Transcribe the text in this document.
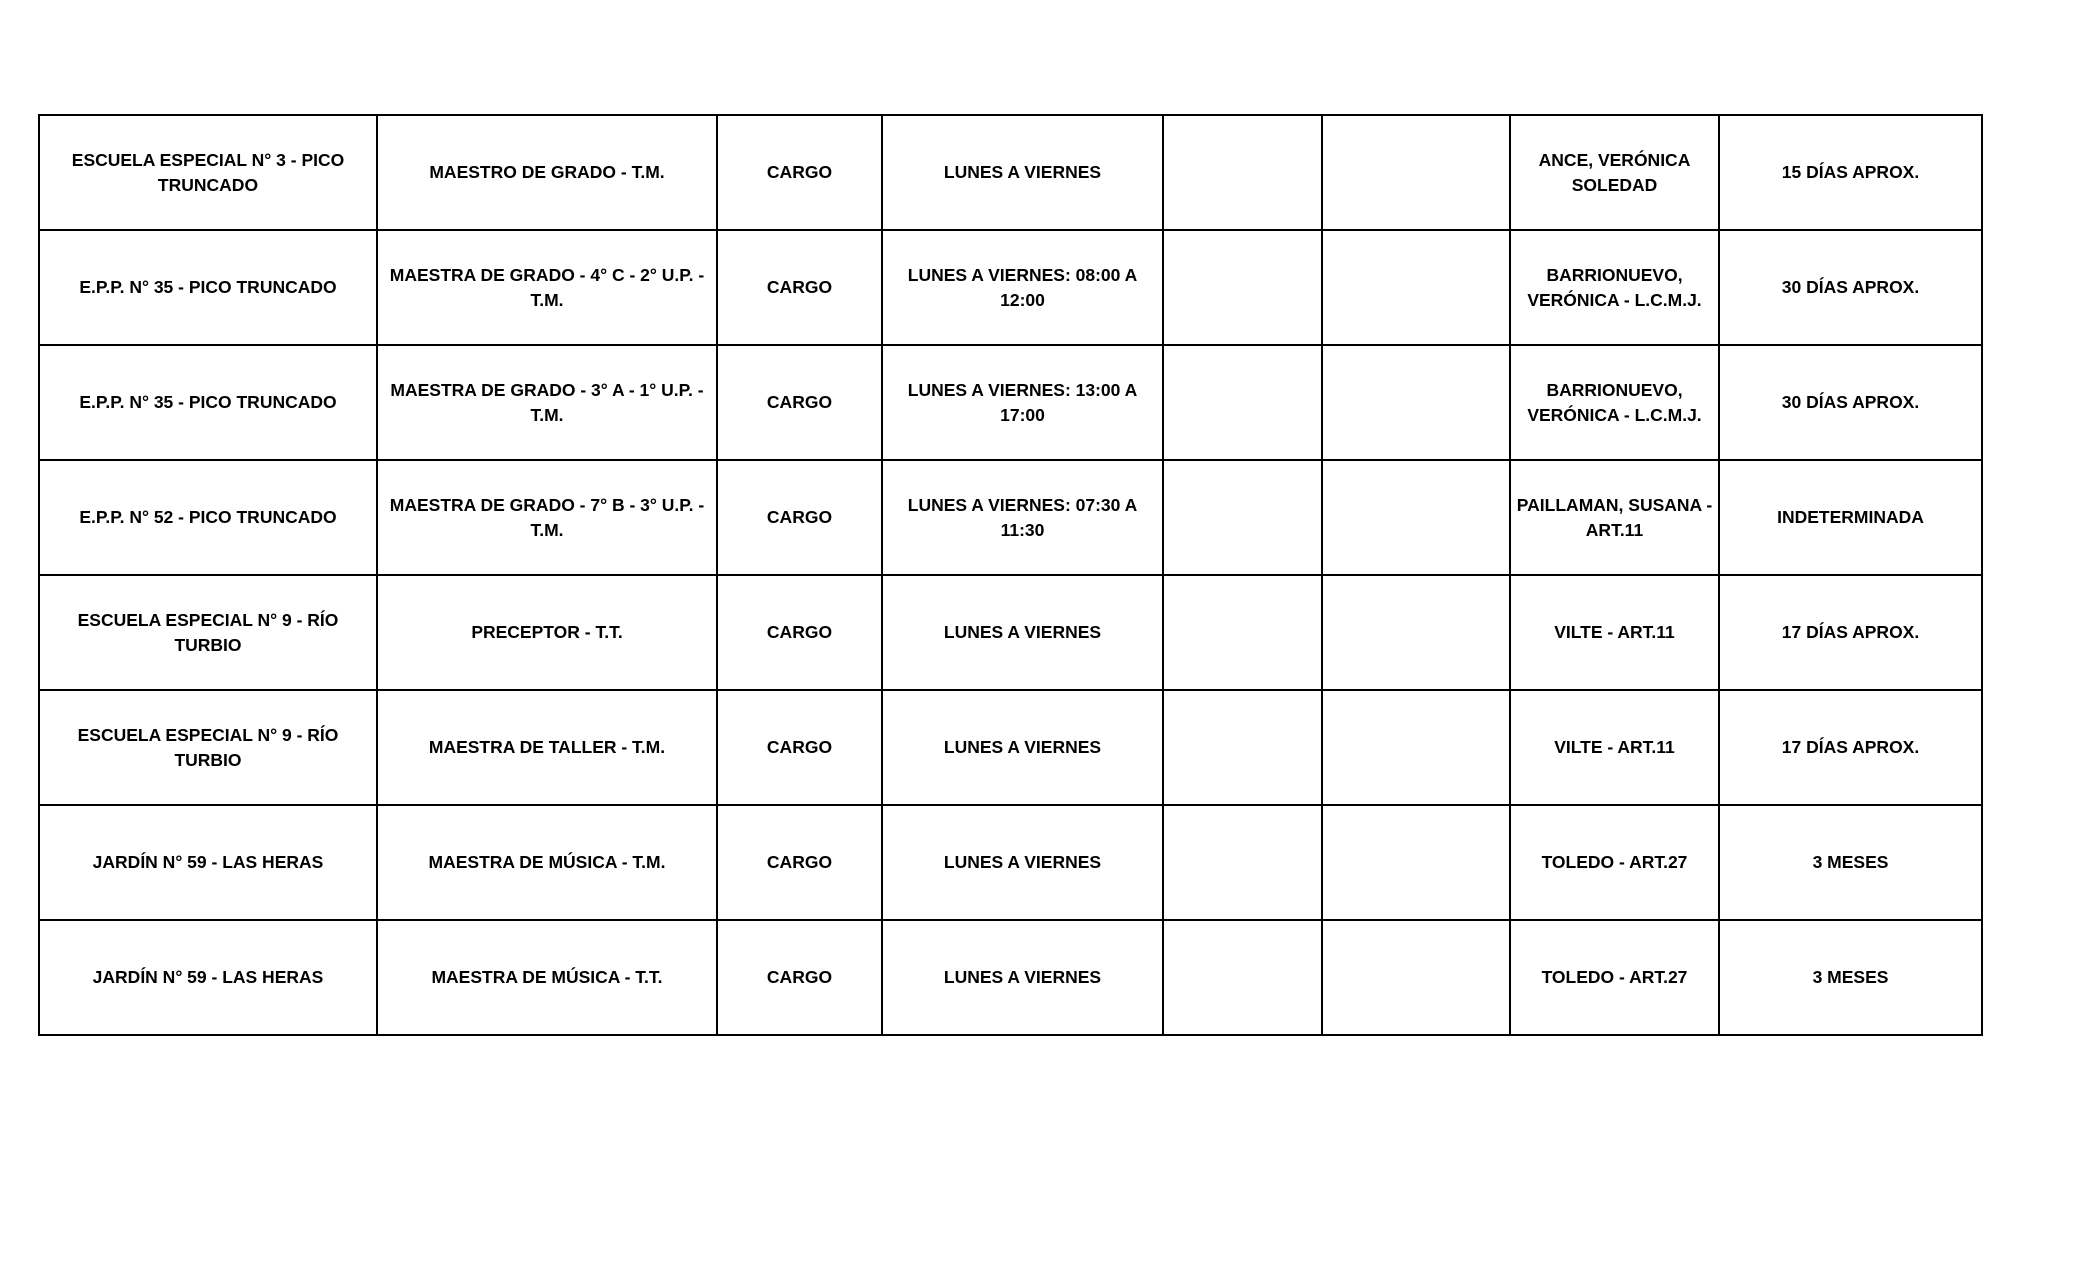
ESCUELA ESPECIAL N° 3 - PICO TRUNCADO	MAESTRO DE GRADO - T.M.	CARGO	LUNES A VIERNES			ANCE, VERÓNICA SOLEDAD	15 DÍAS APROX.
E.P.P. N° 35 - PICO TRUNCADO	MAESTRA DE GRADO - 4° C - 2° U.P. - T.M.	CARGO	LUNES A VIERNES: 08:00 A 12:00			BARRIONUEVO, VERÓNICA - L.C.M.J.	30 DÍAS APROX.
E.P.P. N° 35 - PICO TRUNCADO	MAESTRA DE GRADO - 3° A - 1° U.P. - T.M.	CARGO	LUNES A VIERNES: 13:00 A 17:00			BARRIONUEVO, VERÓNICA - L.C.M.J.	30 DÍAS APROX.
E.P.P. N° 52 - PICO TRUNCADO	MAESTRA DE GRADO - 7° B - 3° U.P. - T.M.	CARGO	LUNES A VIERNES: 07:30 A 11:30			PAILLAMAN, SUSANA - ART.11	INDETERMINADA
ESCUELA ESPECIAL N° 9 - RÍO TURBIO	PRECEPTOR - T.T.	CARGO	LUNES A VIERNES			VILTE - ART.11	17 DÍAS APROX.
ESCUELA ESPECIAL N° 9 - RÍO TURBIO	MAESTRA DE TALLER - T.M.	CARGO	LUNES A VIERNES			VILTE - ART.11	17 DÍAS APROX.
JARDÍN N° 59 - LAS HERAS	MAESTRA DE MÚSICA - T.M.	CARGO	LUNES A VIERNES			TOLEDO - ART.27	3 MESES
JARDÍN N° 59 - LAS HERAS	MAESTRA DE MÚSICA - T.T.	CARGO	LUNES A VIERNES			TOLEDO - ART.27	3 MESES
